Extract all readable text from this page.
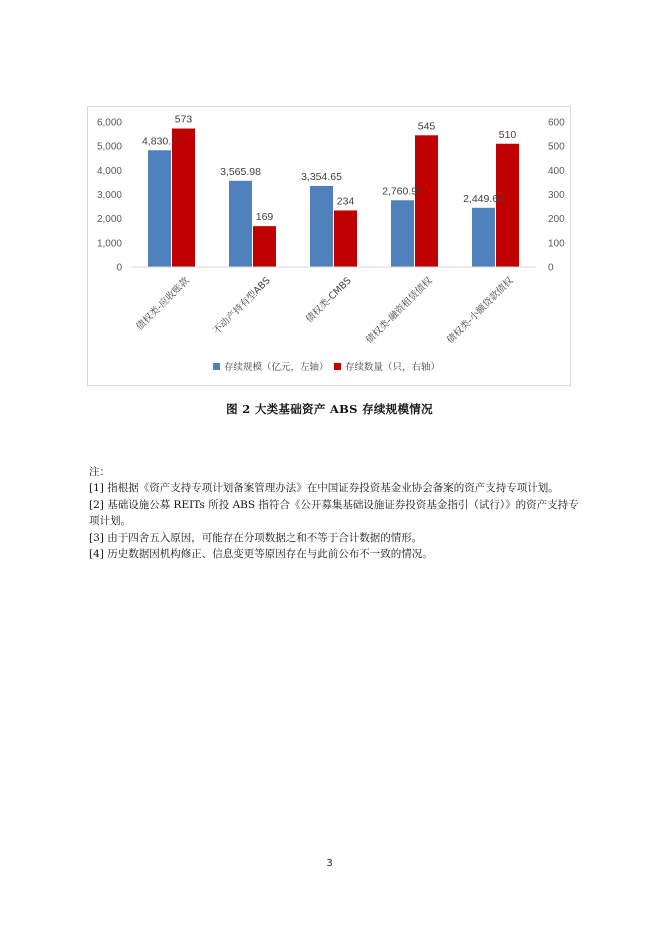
0
1,000
2,000
3,000
4,000
5,000
6,000
0
100
200
300
400
500
600
4,830.7
573
债权类-应收账款
3,565.98
169
不动产持有型ABS
3,354.65
234
债权类-CMBS
2,760.97
545
债权类-融资租赁债权
2,449.65
510
债权类-小额贷款债权
存续规模（亿元，左轴） 存续数量（只，右轴）
图 2 大类基础资产 ABS 存续规模情况

注：

[1] 指根据《资产支持专项计划备案管理办法》在中国证券投资基金业协会备案的资产支持专项计划。

[2] 基础设施公募 REITs 所投 ABS 指符合《公开募集基础设施证券投资基金指引（试行）》的资产支持专项计划。

[3] 由于四舍五入原因，可能存在分项数据之和不等于合计数据的情形。

[4] 历史数据因机构修正、信息变更等原因存在与此前公布不一致的情况。

3
